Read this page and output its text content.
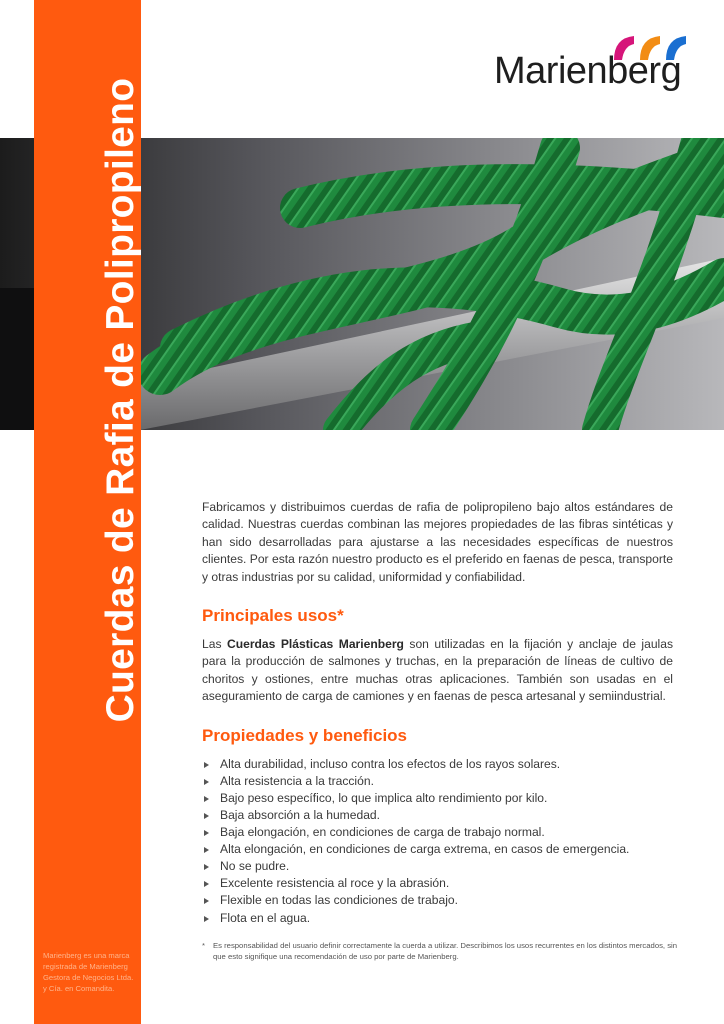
Cuerdas de Rafia de Polipropileno
Marienberg es una marca registrada de Marienberg Gestora de Negocios Ltda. y Cía. en Comandita.
Marienberg

Fabricamos y distribuimos cuerdas de rafia de polipropileno bajo altos estándares de calidad. Nuestras cuerdas combinan las mejores propiedades de las fibras sintéticas y han sido desarrolladas para ajustarse a las necesidades específicas de nuestros clientes. Por esta razón nuestro producto es el preferido en faenas de pesca, transporte y otras industrias por su calidad, uniformidad y confiabilidad.

Principales usos*

Las Cuerdas Plásticas Marienberg son utilizadas en la fijación y anclaje de jaulas para la producción de salmones y truchas, en la preparación de líneas de cultivo de choritos y ostiones, entre muchas otras aplicaciones. También son usadas en el aseguramiento de carga de camiones y en faenas de pesca artesanal y semiindustrial.

Propiedades y beneficios
Alta durabilidad, incluso contra los efectos de los rayos solares.
Alta resistencia a la tracción.
Bajo peso específico, lo que implica alto rendimiento por kilo.
Baja absorción a la humedad.
Baja elongación, en condiciones de carga de trabajo normal.
Alta elongación, en condiciones de carga extrema, en casos de emergencia.
No se pudre.
Excelente resistencia al roce y la abrasión.
Flexible en todas las condiciones de trabajo.
Flota en el agua.
*	Es responsabilidad del usuario definir correctamente la cuerda a utilizar. Describimos los usos recurrentes en los distintos mercados, sin que esto signifique una recomendación de uso por parte de Marienberg.
